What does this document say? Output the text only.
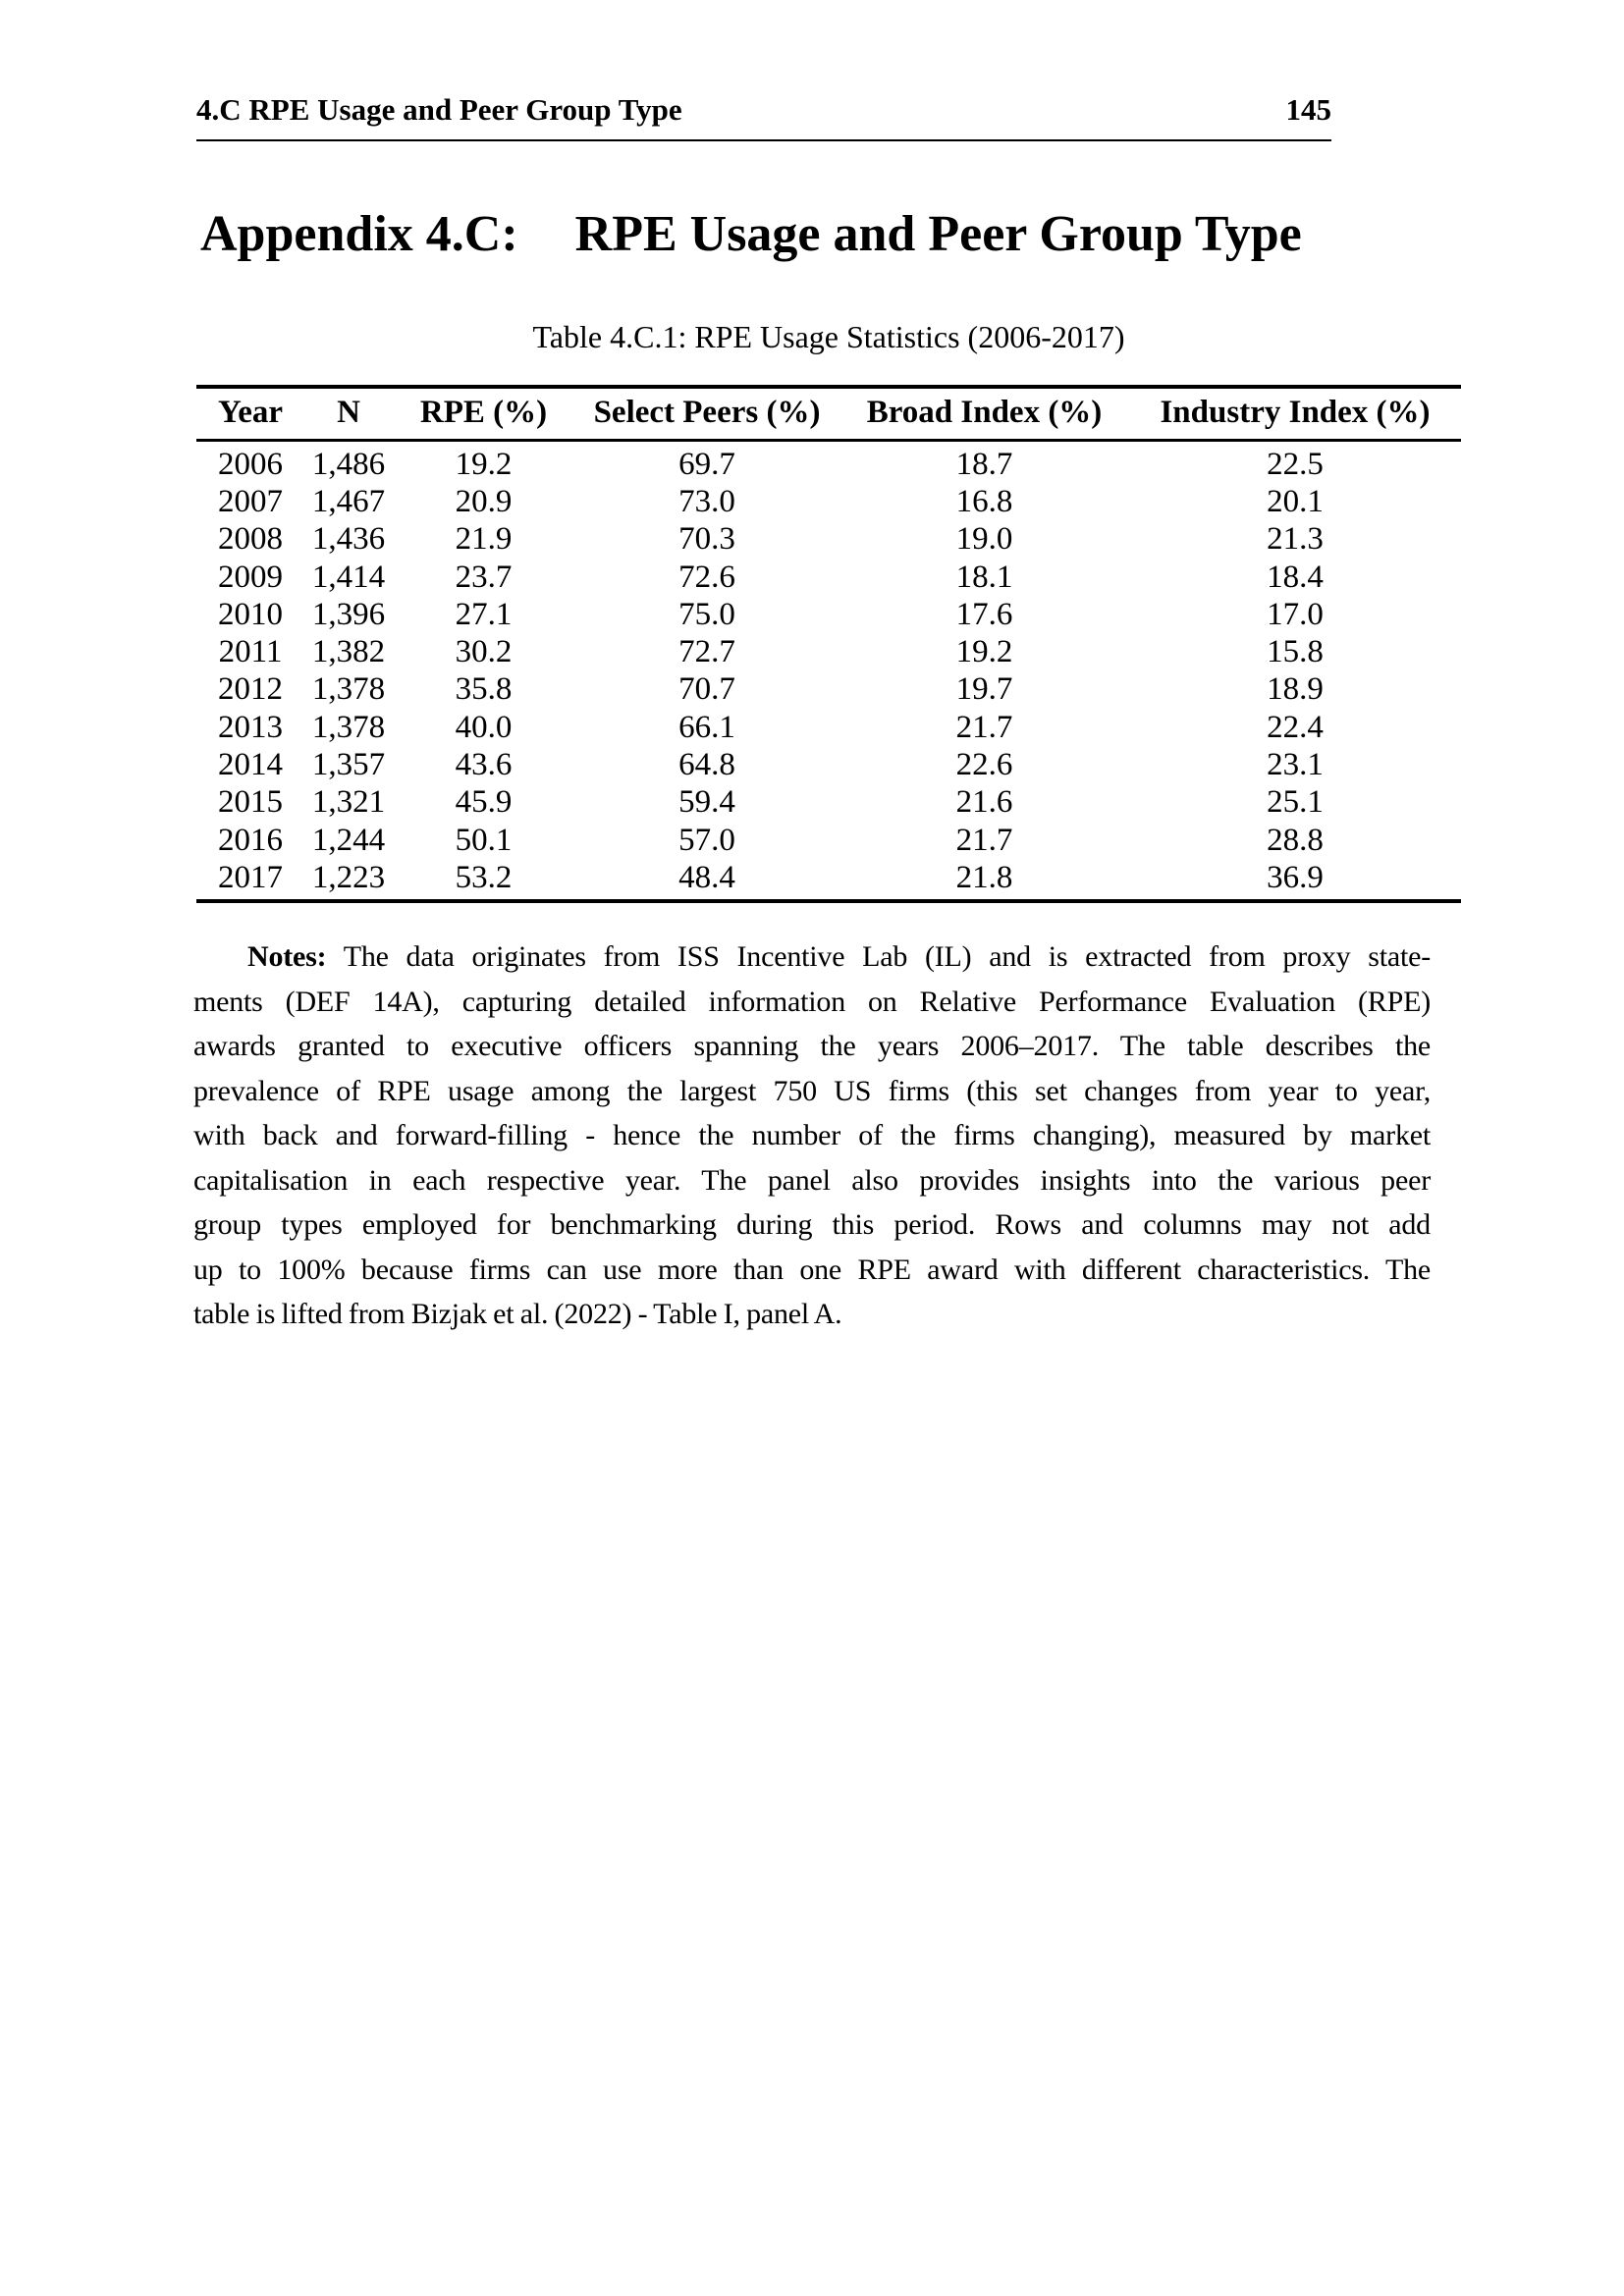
4.C RPE Usage and Peer Group Type	145
Appendix 4.C: RPE Usage and Peer Group Type
Table 4.C.1: RPE Usage Statistics (2006-2017)
Year	N	RPE (%)	Select Peers (%)	Broad Index (%)	Industry Index (%)
2006 1,486	19.2	69.7	18.7	22.5
2007 1,467	20.9	73.0	16.8	20.1
2008 1,436	21.9	70.3	19.0	21.3
2009 1,414	23.7	72.6	18.1	18.4
2010 1,396	27.1	75.0	17.6	17.0
2011 1,382	30.2	72.7	19.2	15.8
2012 1,378	35.8	70.7	19.7	18.9
2013 1,378	40.0	66.1	21.7	22.4
2014 1,357	43.6	64.8	22.6	23.1
2015 1,321	45.9	59.4	21.6	25.1
2016 1,244	50.1	57.0	21.7	28.8
2017 1,223	53.2	48.4	21.8	36.9
Notes: The data originates from ISS Incentive Lab (IL) and is extracted from proxy state-
ments (DEF 14A), capturing detailed information on Relative Performance Evaluation (RPE)
awards granted to executive officers spanning the years 2006–2017. The table describes the
prevalence of RPE usage among the largest 750 US firms (this set changes from year to year,
with back and forward-filling - hence the number of the firms changing), measured by market
capitalisation in each respective year. The panel also provides insights into the various peer
group types employed for benchmarking during this period. Rows and columns may not add
up to 100% because firms can use more than one RPE award with different characteristics. The
table is lifted from Bizjak et al. (2022) - Table I, panel A.
